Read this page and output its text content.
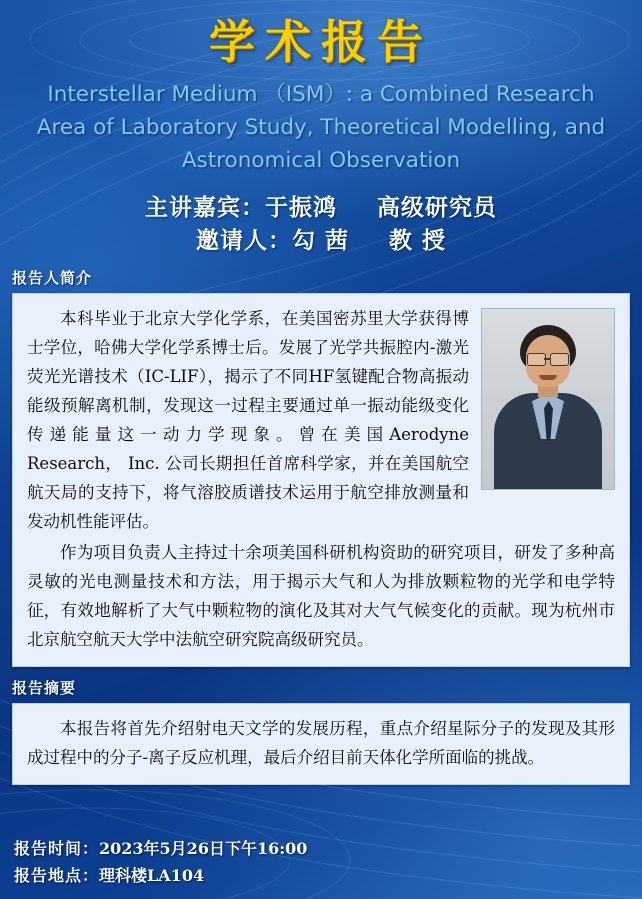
学术报告
Interstellar Medium （ISM）: a Combined Research
Area of Laboratory Study, Theoretical Modelling, and
Astronomical Observation
主讲嘉宾：于振鸿 高级研究员
邀请人：勾 茜 教 授
报告人简介

本科毕业于北京大学化学系，在美国密苏里大学获得博士学位，哈佛大学化学系博士后。发展了光学共振腔内-激光荧光光谱技术（IC-LIF），揭示了不同HF氢键配合物高振动能级预解离机制，发现这一过程主要通过单一振动能级变化传递能量这一动力学现象。曾在美国Aerodyne Research， Inc. 公司长期担任首席科学家，并在美国航空航天局的支持下，将气溶胶质谱技术运用于航空排放测量和发动机性能评估。

作为项目负责人主持过十余项美国科研机构资助的研究项目，研发了多种高灵敏的光电测量技术和方法，用于揭示大气和人为排放颗粒物的光学和电学特征，有效地解析了大气中颗粒物的演化及其对大气气候变化的贡献。现为杭州市北京航空航天大学中法航空研究院高级研究员。

报告摘要

本报告将首先介绍射电天文学的发展历程，重点介绍星际分子的发现及其形成过程中的分子-离子反应机理，最后介绍目前天体化学所面临的挑战。

报告时间：2023年5月26日下午16:00
报告地点：理科楼LA104
